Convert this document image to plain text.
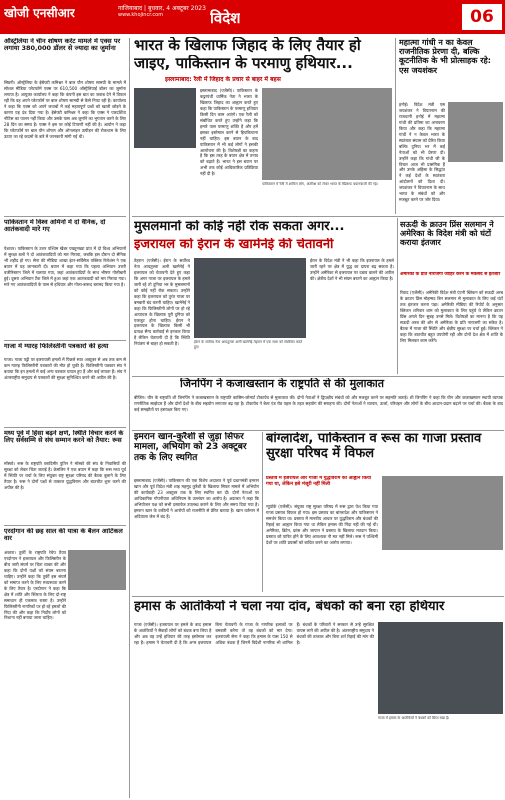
खोजी एनसीआर	गाजियाबाद | बुधवार, 4 अक्टूबर 2023
www.khojincr.com	विदेश	06
ऑस्ट्रेलिया ने चीन शोषण करेंट मामले में एक्स पर लगाया 380,000 डॉलर से ज्यादा का जुर्माना
सिडनी। ऑस्ट्रेलिया के ईसेफ्टी कमिश्नर ने बाल यौन शोषण सामग्री के मामले में सोशल मीडिया प्लेटफॉर्म एक्स पर 610,500 ऑस्ट्रेलियाई डॉलर का जुर्माना लगाया है। आयुक्त कार्यालय ने कहा कि कंपनी इस बात का जवाब देने में विफल रही कि वह अपने प्लेटफॉर्म पर बाल शोषण सामग्री से कैसे निपट रही है। कार्यालय ने कहा कि एक्स को अपने जवाबों में कई महत्वपूर्ण प्रश्नों को खाली छोड़ने के कारण यह दंड दिया गया है। ईसेफ्टी कमिश्नर ने कहा कि एक्स ने पारदर्शिता नोटिस का पालन नहीं किया और उसके पास अब जुर्माने का भुगतान करने के लिए 28 दिन का समय है। एक्स ने इस पर कोई टिप्पणी नहीं की है। आयोग ने कहा कि प्लेटफॉर्म पर बाल यौन शोषण और ऑनलाइन उत्पीड़न की रोकथाम के लिए उठाए जा रहे कदमों के बारे में जानकारी मांगी गई थी।
पाकिस्तान में विश्व अमिनों में दो वैनिक, दो आतंकवादी मारे गए
पेशावर। पाकिस्तान के उत्तर पश्चिम खैबर पख्तूनख्वा प्रांत में दो विश्व अभियानों में सुरक्षा बलों ने दो आतंकवादियों को मार गिराया, जबकि इस दौरान दो सैनिक भी शहीद हो गए। सेना की मीडिया शाखा इंटर-सर्विसेज पब्लिक रिलेशंस ने एक बयान में यह जानकारी दी। बयान में कहा गया कि पहला अभियान उत्तरी वजीरिस्तान जिले में चलाया गया, जहां आतंकवादियों के साथ भीषण गोलीबारी हुई। दूसरा अभियान टैंक जिले में हुआ जहां एक आतंकवादी को मार गिराया गया। मारे गए आतंकवादियों के पास से हथियार और गोला-बारूद बरामद किया गया है।
गाजा में ग्यारह फिलिस्तीनी पत्रकारों की हत्या
गाजा। गाजा पट्टी पर इजरायली हमलों में पिछले सात अक्टूबर से अब तक कम से कम ग्यारह फिलिस्तीनी पत्रकारों की मौत हो चुकी है। फिलिस्तीनी पत्रकार संघ ने बताया कि इन हमलों में कई अन्य पत्रकार घायल हुए हैं और कई लापता हैं। संघ ने अंतरराष्ट्रीय समुदाय से पत्रकारों की सुरक्षा सुनिश्चित करने की अपील की है।
मध्य पूर्व में हिंसा बढ़ने क्षणे, स्थिति विचार करने के लिए सर्वसम्मि से संघ सम्मान करने को तैयार: रूस
मॉस्को। रूस के राष्ट्रपति व्लादिमीर पुतिन ने मॉस्को की संघ के निवासियों की सुरक्षा को लेकर चिंता जताई है। क्रेमलिन ने एक बयान में कहा कि रूस मध्य पूर्व में स्थिति पर चर्चा के लिए संयुक्त राष्ट्र सुरक्षा परिषद की बैठक बुलाने के लिए तैयार है। रूस ने दोनों पक्षों से तत्काल युद्धविराम और बातचीत शुरू करने की अपील की है।
एरदोगान की छह साल की यात्रा के बैलन आर्टिकल वार
अंकारा। तुर्की के राष्ट्रपति रेचेप तैयप एरदोगान ने इजरायल और फिलिस्तीन के बीच जारी संघर्ष पर चिंता व्यक्त की और कहा कि दोनों पक्षों को संयम बरतना चाहिए। उन्होंने कहा कि तुर्की इस संघर्ष को समाप्त करने के लिए मध्यस्थता करने के लिए तैयार है। एरदोगान ने कहा कि क्षेत्र में शांति और स्थिरता के लिए दो-राष्ट्र समाधान ही एकमात्र रास्ता है। उन्होंने फिलिस्तीनी नागरिकों पर हो रहे हमलों की निंदा की और कहा कि निर्दोष लोगों को निशाना नहीं बनाया जाना चाहिए।
भारत के खिलाफ जिहाद के लिए तैयार हो
जाइए, पाकिस्तान के परमाणु हथियार...
इस्लामाबाद: रैली में जिहाद के प्रचार से बाहर में बहस
इस्लामाबाद (एजेंसी)। पाकिस्तान के कट्टरपंथी धार्मिक नेता ने भारत के खिलाफ जिहाद का आह्वान करते हुए कहा कि पाकिस्तान के परमाणु हथियार किसी दिन काम आएंगे। एक रैली को संबोधित करते हुए उन्होंने कहा कि हमारे पास परमाणु शक्ति है और हमें इसका इस्तेमाल करने से हिचकिचाना नहीं चाहिए। इस बयान के बाद पाकिस्तान में भी कई लोगों ने इसकी आलोचना की है। विशेषज्ञों का कहना है कि इस तरह के बयान क्षेत्र में तनाव को बढ़ाते हैं। भारत ने इस बयान पर अभी तक कोई आधिकारिक प्रतिक्रिया नहीं दी है।
पाकिस्तान में रैली में शामिल लोग, अंतरिक्ष को लेकर भारत के खिलाफ बयानबाजी की गई।
महात्मा गांधी न का केवल राजनीतिक प्रेरणा दी, बल्कि कूटनीतिक के भी प्रोत्साहक रहे: एस जयशंकर
हनोई। विदेश मंत्री एस जयशंकर ने वियतनाम की राजधानी हनोई में महात्मा गांधी की प्रतिमा का अनावरण किया और कहा कि महात्मा गांधी ने न केवल भारत के स्वतंत्रता संग्राम को प्रेरित किया बल्कि दुनिया भर में कई नेताओं को भी प्रेरणा दी। उन्होंने कहा कि गांधी जी के विचार आज भी प्रासंगिक हैं और उनके अहिंसा के सिद्धांत ने कई देशों के स्वतंत्रता आंदोलनों को दिशा दी। जयशंकर ने वियतनाम के साथ भारत के संबंधों को और मजबूत करने पर जोर दिया।
मुसलमानों को कोई नहीं रोक सकता अगर...
इजरायल को ईरान के खामेनेई की चेतावनी
तेहरान (एजेंसी)। ईरान के सर्वोच्च नेता आयतुल्ला अली खामेनेई ने इजरायल को चेतावनी देते हुए कहा कि अगर गाजा पर इजरायल के हमले जारी रहे तो दुनिया भर के मुसलमानों को कोई नहीं रोक सकता। उन्होंने कहा कि इजरायल को तुरंत गाजा पर बमबारी बंद करनी चाहिए। खामेनेई ने कहा कि फिलिस्तीनी लोगों पर हो रहे अत्याचार के खिलाफ पूरी दुनिया को एकजुट होना चाहिए। ईरान ने इजरायल के खिलाफ किसी भी प्रत्यक्ष सैन्य कार्रवाई से इनकार किया है लेकिन चेतावनी दी है कि स्थिति नियंत्रण से बाहर हो सकती है।	ईरान के सर्वोच्च नेता आयतुल्ला अली खामेनेई तेहरान में एक सभा को संबोधित करते हुए।
ईरान के विदेश मंत्री ने भी कहा कि इजरायल के हमले जारी रहने पर क्षेत्र में युद्ध का दायरा बढ़ सकता है। उन्होंने अमेरिका से इजरायल पर दबाव डालने की अपील की। क्षेत्रीय देशों ने भी संयम बरतने का आह्वान किया है।
सऊदी के क्राउन प्रिंस सलमान ने अमेरिका के विदेश मंत्री को घंटों कराया इंतजार
अमेरिका के प्रति नाराजगी जाहिर करने के मकसद से इंतजार
रियाद (एजेंसी)। अमेरिकी विदेश मंत्री एंटनी ब्लिंकन को सऊदी अरब के क्राउन प्रिंस मोहम्मद बिन सलमान से मुलाकात के लिए कई घंटों तक इंतजार करना पड़ा। अमेरिकी मीडिया की रिपोर्ट के अनुसार ब्लिंकन शनिवार शाम को मुलाकात के लिए पहुंचे थे लेकिन क्राउन प्रिंस अगले दिन सुबह उनसे मिले। विशेषज्ञों का मानना है कि यह सऊदी अरब की ओर से अमेरिका के प्रति नाराजगी का संकेत है। बैठक में गाजा की स्थिति और क्षेत्रीय सुरक्षा पर चर्चा हुई। ब्लिंकन ने कहा कि बातचीत बहुत उपयोगी रही और दोनों देश क्षेत्र में शांति के लिए मिलकर काम करेंगे।
जिनपिंग ने कजाखस्तान के राष्ट्रपति से की मुलाकात
बीजिंग। चीन के राष्ट्रपति शी जिनपिंग ने कजाखस्तान के राष्ट्रपति कासिम-जोमार्ट टोकायेव से मुलाकात की। दोनों नेताओं ने द्विपक्षीय संबंधों को और मजबूत करने पर सहमति जताई। शी जिनपिंग ने कहा कि चीन और कजाखस्तान स्थायी व्यापक रणनीतिक साझेदार हैं और दोनों देशों के बीच सहयोग लगातार बढ़ रहा है। टोकायेव ने बेल्ट एंड रोड पहल के तहत सहयोग की सराहना की। दोनों नेताओं ने व्यापार, ऊर्जा, परिवहन और लोगों के बीच आदान-प्रदान बढ़ाने पर चर्चा की। बैठक के बाद कई समझौतों पर हस्ताक्षर किए गए।
इमरान खान-कुरैशी से जुड़ा सिफर मामला, अभियोग को 23 अक्टूबर तक के लिए स्थगित
इस्लामाबाद (एजेंसी)। पाकिस्तान की एक विशेष अदालत ने पूर्व प्रधानमंत्री इमरान खान और पूर्व विदेश मंत्री शाह महमूद कुरैशी के खिलाफ सिफर मामले में अभियोग की कार्यवाही 23 अक्टूबर तक के लिए स्थगित कर दी। दोनों नेताओं पर आधिकारिक गोपनीयता अधिनियम के उल्लंघन का आरोप है। अदालत ने कहा कि अभियोजन पक्ष को सभी दस्तावेज उपलब्ध कराने के लिए और समय दिया गया है। इमरान खान के वकीलों ने आरोपों को राजनीति से प्रेरित बताया है। खान वर्तमान में अदियाला जेल में बंद हैं।
बांग्लादेश, पाकिस्तान व रूस का गाजा प्रस्ताव सुरक्षा परिषद में विफल
प्रस्ताव में इजरायल और गाजा में युद्धविराम का आह्वान किया गया था, लेकिन इसे मंजूरी नहीं मिली
न्यूयॉर्क (एजेंसी)। संयुक्त राष्ट्र सुरक्षा परिषद में रूस द्वारा पेश किया गया गाजा प्रस्ताव विफल हो गया। इस प्रस्ताव का बांग्लादेश और पाकिस्तान ने समर्थन किया था। प्रस्ताव में मानवीय आधार पर युद्धविराम और बंधकों की रिहाई का आह्वान किया गया था लेकिन हमास की निंदा नहीं की गई थी। अमेरिका, ब्रिटेन, फ्रांस और जापान ने प्रस्ताव के खिलाफ मतदान किया। प्रस्ताव को पारित होने के लिए आवश्यक नौ मत नहीं मिले। रूस ने पश्चिमी देशों पर शांति प्रयासों को बाधित करने का आरोप लगाया।
हमास के आतंकियों ने चला नया दांव, बंधकों को बना रहा हथियार
गाजा (एजेंसी)। इजरायल पर हमले के बाद हमास के आतंकियों ने सैकड़ों लोगों को बंधक बना लिया है और अब वह उन्हें हथियार की तरह इस्तेमाल कर रहा है। हमास ने चेतावनी दी है कि अगर इजरायल बिना चेतावनी के गाजा के नागरिक इलाकों पर बमबारी करेगा तो वह बंधकों को मार देगा। इजरायली सेना ने कहा कि हमास के पास 150 से अधिक बंधक हैं जिनमें विदेशी नागरिक भी शामिल हैं। बंधकों के परिवारों ने सरकार से उन्हें सुरक्षित वापस लाने की अपील की है। अंतरराष्ट्रीय समुदाय ने बंधकों की तत्काल और बिना शर्त रिहाई की मांग की है।
गाजा में हमास के आतंकियों ने बंधकों को छिपा रखा है।
